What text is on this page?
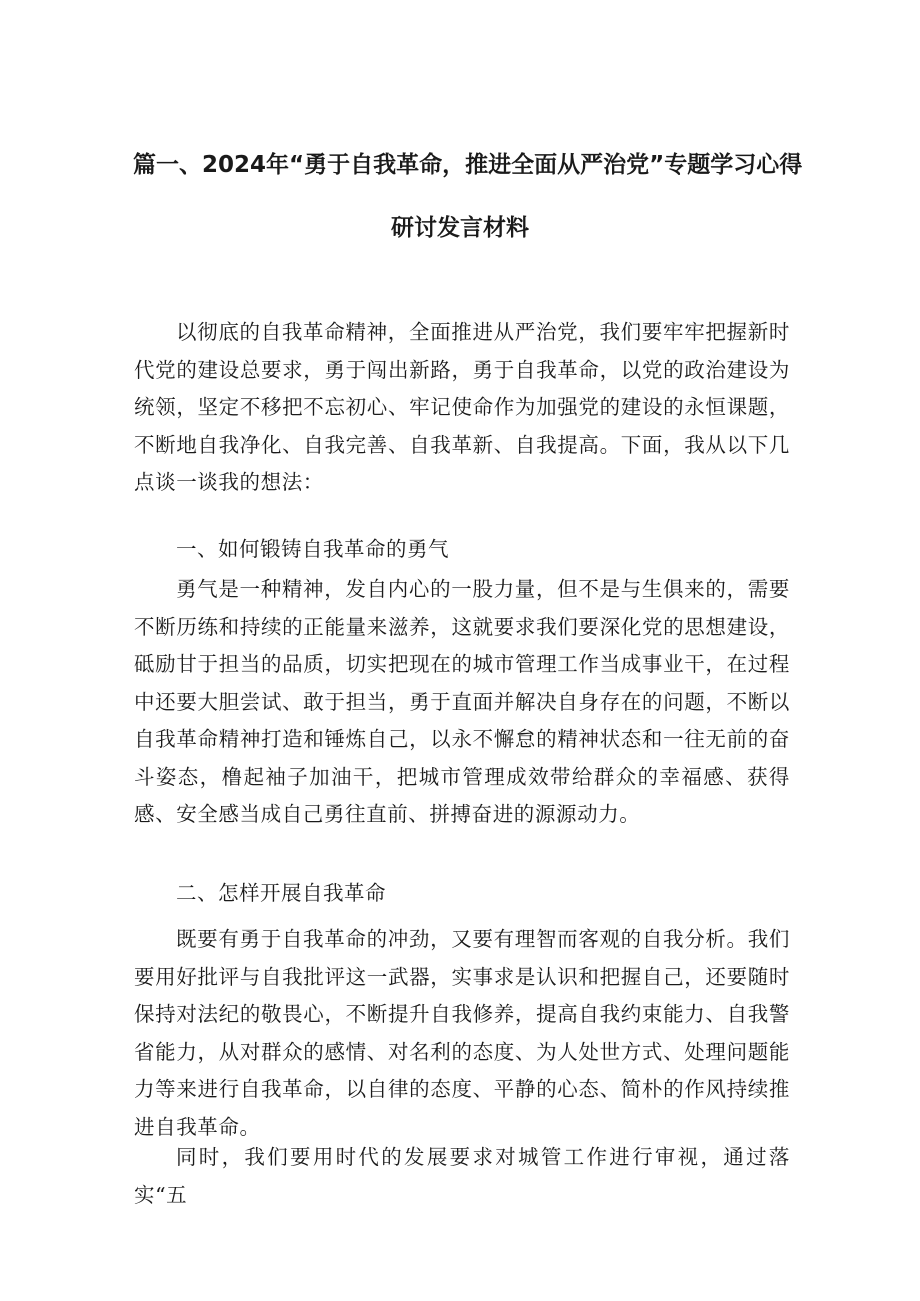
篇一、2024年“勇于自我革命，推进全面从严治党”专题学习心得
研讨发言材料
以彻底的自我革命精神，全面推进从严治党，我们要牢牢把握新时代党的建设总要求，勇于闯出新路，勇于自我革命，以党的政治建设为统领，坚定不移把不忘初心、牢记使命作为加强党的建设的永恒课题，不断地自我净化、自我完善、自我革新、自我提高。下面，我从以下几点谈一谈我的想法：
一、如何锻铸自我革命的勇气
勇气是一种精神，发自内心的一股力量，但不是与生俱来的，需要不断历练和持续的正能量来滋养，这就要求我们要深化党的思想建设，砥励甘于担当的品质，切实把现在的城市管理工作当成事业干，在过程中还要大胆尝试、敢于担当，勇于直面并解决自身存在的问题，不断以自我革命精神打造和锤炼自己，以永不懈怠的精神状态和一往无前的奋斗姿态，橹起袖子加油干，把城市管理成效带给群众的幸福感、获得感、安全感当成自己勇往直前、拼搏奋进的源源动力。
二、怎样开展自我革命
既要有勇于自我革命的冲劲，又要有理智而客观的自我分析。我们要用好批评与自我批评这一武器，实事求是认识和把握自己，还要随时保持对法纪的敬畏心，不断提升自我修养，提高自我约束能力、自我警省能力，从对群众的感情、对名利的态度、为人处世方式、处理问题能力等来进行自我革命，以自律的态度、平静的心态、简朴的作风持续推进自我革命。
同时，我们要用时代的发展要求对城管工作进行审视，通过落实“五
